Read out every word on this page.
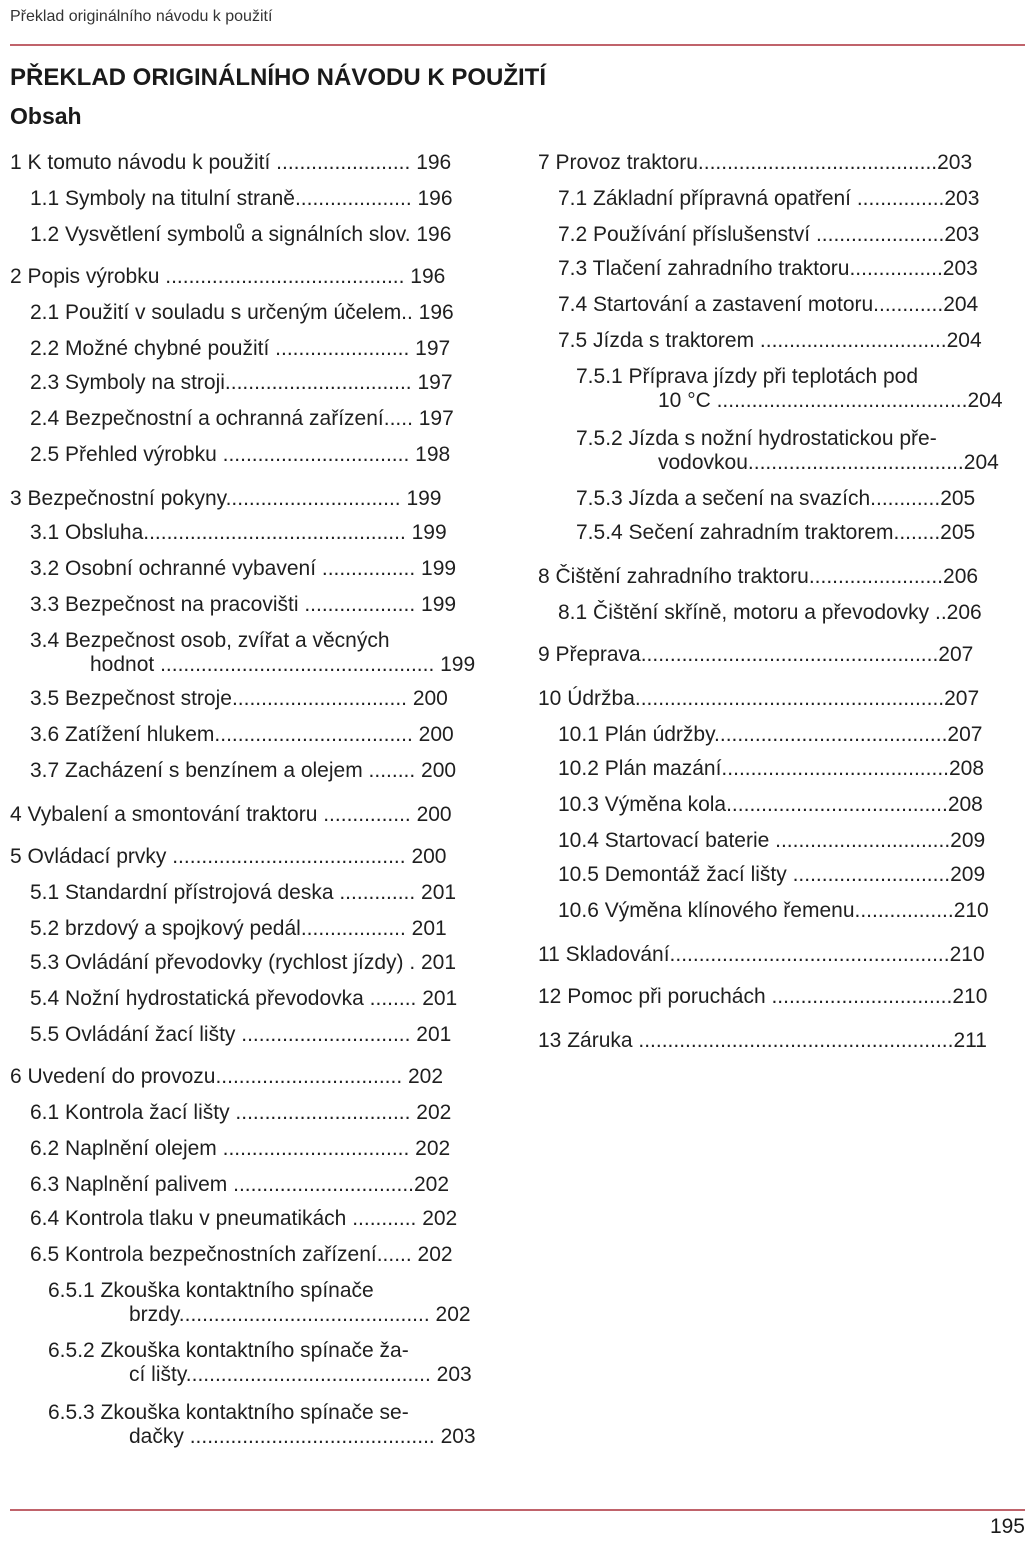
Překlad originálního návodu k použití
PŘEKLAD ORIGINÁLNÍHO NÁVODU K POUŽITÍ
Obsah
1 K tomuto návodu k použití ....................... 196
1.1 Symboly na titulní straně.................... 196
1.2 Vysvětlení symbolů a signálních slov. 196
2 Popis výrobku ......................................... 196
2.1 Použití v souladu s určeným účelem.. 196
2.2 Možné chybné použití ....................... 197
2.3 Symboly na stroji................................ 197
2.4 Bezpečnostní a ochranná zařízení..... 197
2.5 Přehled výrobku ................................ 198
3 Bezpečnostní pokyny.............................. 199
3.1 Obsluha............................................. 199
3.2 Osobní ochranné vybavení ................ 199
3.3 Bezpečnost na pracovišti ................... 199
3.4 Bezpečnost osob, zvířat a věcných
hodnot ............................................... 199
3.5 Bezpečnost stroje.............................. 200
3.6 Zatížení hlukem.................................. 200
3.7 Zacházení s benzínem a olejem ........ 200
4 Vybalení a smontování traktoru ............... 200
5 Ovládací prvky ........................................ 200
5.1 Standardní přístrojová deska ............. 201
5.2 brzdový a spojkový pedál.................. 201
5.3 Ovládání převodovky (rychlost jízdy) . 201
5.4 Nožní hydrostatická převodovka ........ 201
5.5 Ovládání žací lišty ............................. 201
6 Uvedení do provozu................................ 202
6.1 Kontrola žací lišty .............................. 202
6.2 Naplnění olejem ................................ 202
6.3 Naplnění palivem ...............................202
6.4 Kontrola tlaku v pneumatikách ........... 202
6.5 Kontrola bezpečnostních zařízení...... 202
6.5.1 Zkouška kontaktního spínače
brzdy........................................... 202
6.5.2 Zkouška kontaktního spínače ža-
cí lišty.......................................... 203
6.5.3 Zkouška kontaktního spínače se-
dačky .......................................... 203
7 Provoz traktoru.........................................203
7.1 Základní přípravná opatření ...............203
7.2 Používání příslušenství ......................203
7.3 Tlačení zahradního traktoru................203
7.4 Startování a zastavení motoru............204
7.5 Jízda s traktorem ................................204
7.5.1 Příprava jízdy při teplotách pod
10 °C ...........................................204
7.5.2 Jízda s nožní hydrostatickou pře-
vodovkou.....................................204
7.5.3 Jízda a sečení na svazích............205
7.5.4 Sečení zahradním traktorem........205
8 Čištění zahradního traktoru.......................206
8.1 Čištění skříně, motoru a převodovky ..206
9 Přeprava...................................................207
10 Údržba.....................................................207
10.1 Plán údržby........................................207
10.2 Plán mazání.......................................208
10.3 Výměna kola......................................208
10.4 Startovací baterie ..............................209
10.5 Demontáž žací lišty ...........................209
10.6 Výměna klínového řemenu.................210
11 Skladování................................................210
12 Pomoc při poruchách ...............................210
13 Záruka ......................................................211
195
